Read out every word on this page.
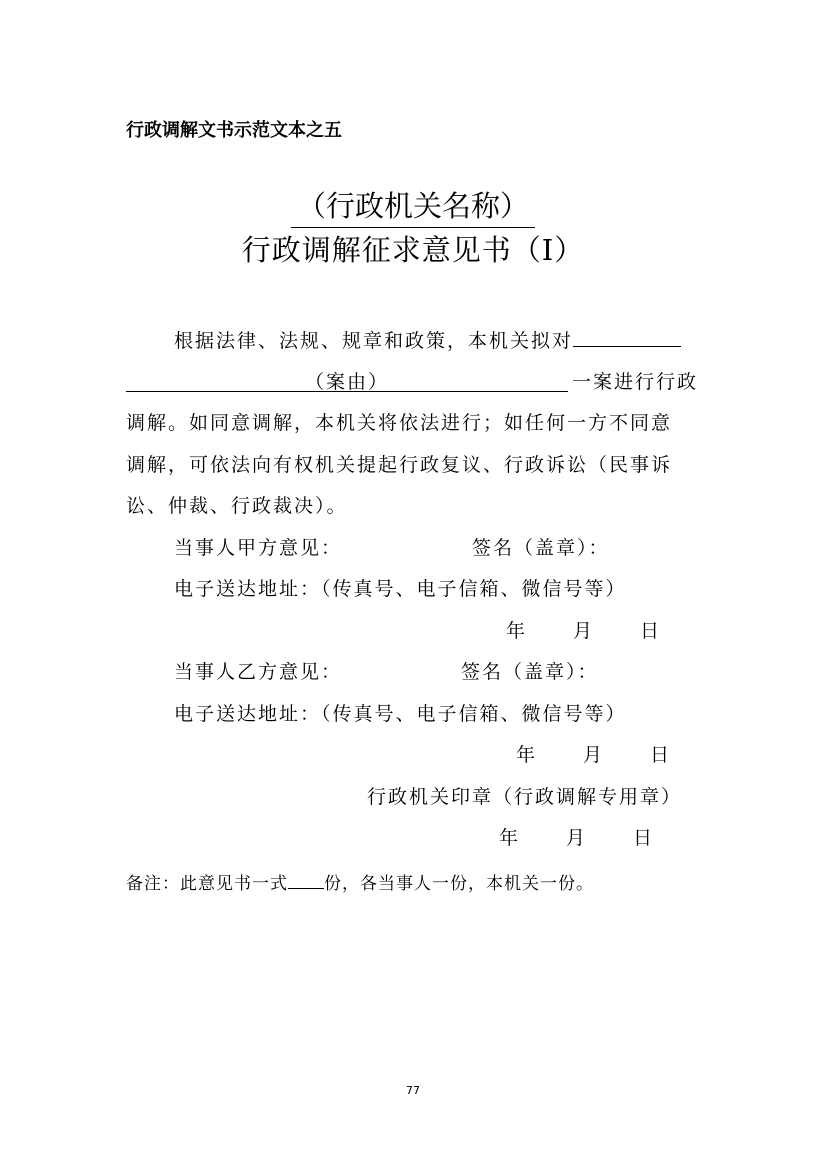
行政调解文书示范文本之五
（行政机关名称）
行政调解征求意见书（Ⅰ）
根据法律、法规、规章和政策，本机关拟对
（案由）	一案进行行政
调解。如同意调解，本机关将依法进行；如任何一方不同意
调解，可依法向有权机关提起行政复议、行政诉讼（民事诉
讼、仲裁、行政裁决）。
当事人甲方意见：	签名（盖章）：
电子送达地址：（传真号、电子信箱、微信号等）
年 月 日
当事人乙方意见：	签名（盖章）：
电子送达地址：（传真号、电子信箱、微信号等）
年 月 日
行政机关印章（行政调解专用章）
年 月 日
备注：此意见书一式 份，各当事人一份，本机关一份。
77
